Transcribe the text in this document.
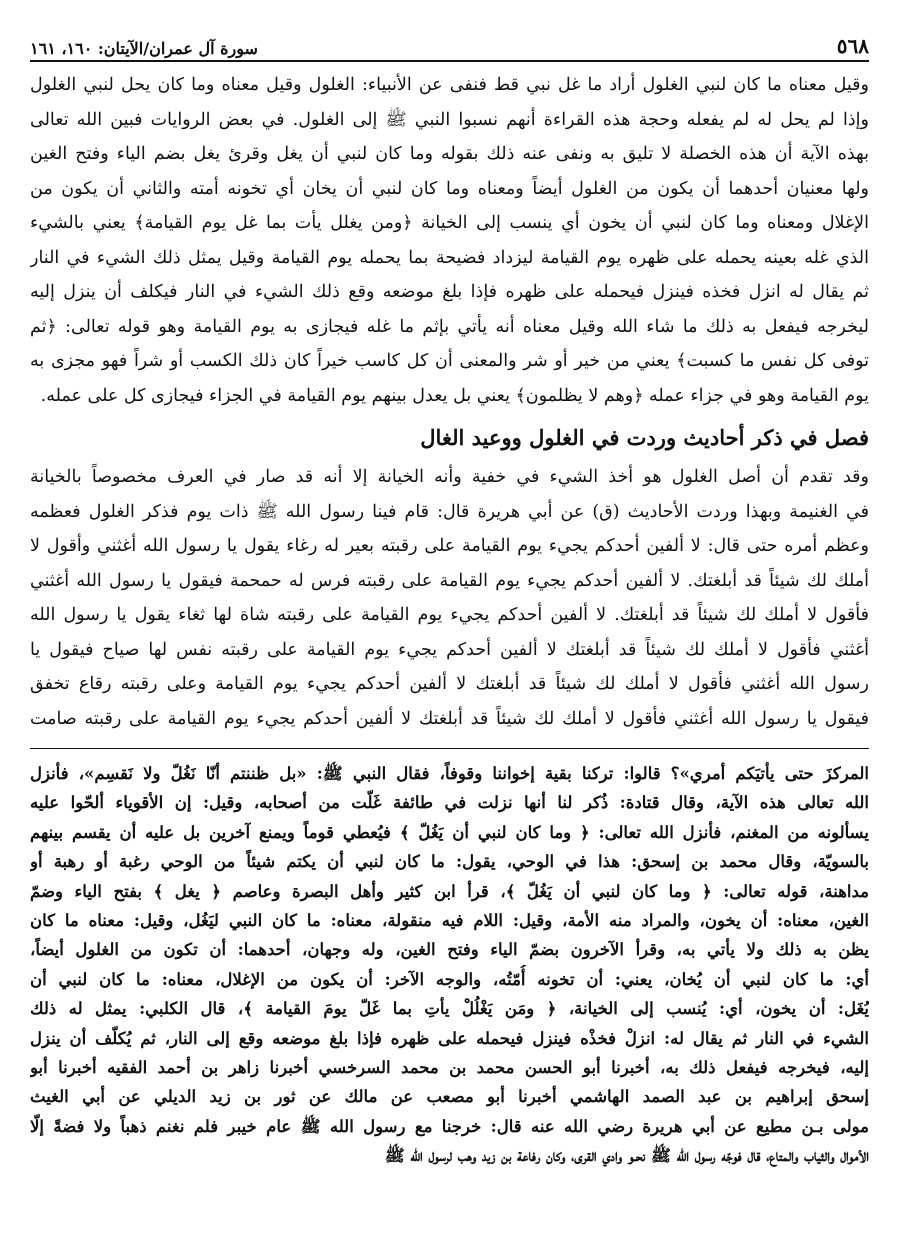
سورة آل عمران/الآيتان: ١٦٠، ١٦١	٥٦٨
وقيل معناه ما كان لنبي الغلول أراد ما غل نبي قط فنفى عن الأنبياء: الغلول وقيل معناه وما كان يحل لنبي الغلول
وإذا لم يحل له لم يفعله وحجة هذه القراءة أنهم نسبوا النبي ﷺ إلى الغلول. في بعض الروايات فبين الله تعالى
بهذه الآية أن هذه الخصلة لا تليق به ونفى عنه ذلك بقوله وما كان لنبي أن يغل وقرئ يغل بضم الياء وفتح الغين
ولها معنيان أحدهما أن يكون من الغلول أيضاً ومعناه وما كان لنبي أن يخان أي تخونه أمته والثاني أن يكون من
الإغلال ومعناه وما كان لنبي أن يخون أي ينسب إلى الخيانة ﴿ومن يغلل يأت بما غل يوم القيامة﴾ يعني بالشيء
الذي غله بعينه يحمله على ظهره يوم القيامة ليزداد فضيحة بما يحمله يوم القيامة وقيل يمثل ذلك الشيء في النار
ثم يقال له انزل فخذه فينزل فيحمله على ظهره فإذا بلغ موضعه وقع ذلك الشيء في النار فيكلف أن ينزل إليه
ليخرجه فيفعل به ذلك ما شاء الله وقيل معناه أنه يأتي بإثم ما غله فيجازى به يوم القيامة وهو قوله تعالى: ﴿ثم
توفى كل نفس ما كسبت﴾ يعني من خير أو شر والمعنى أن كل كاسب خيراً كان ذلك الكسب أو شراً فهو مجزى به
يوم القيامة وهو في جزاء عمله ﴿وهم لا يظلمون﴾ يعني بل يعدل بينهم يوم القيامة في الجزاء فيجازى كل على عمله.
فصل في ذكر أحاديث وردت في الغلول ووعيد الغال
وقد تقدم أن أصل الغلول هو أخذ الشيء في خفية وأنه الخيانة إلا أنه قد صار في العرف مخصوصاً بالخيانة
في الغنيمة وبهذا وردت الأحاديث (ق) عن أبي هريرة قال: قام فينا رسول الله ﷺ ذات يوم فذكر الغلول فعظمه
وعظم أمره حتى قال: لا ألفين أحدكم يجيء يوم القيامة على رقبته بعير له رغاء يقول يا رسول الله أغثني وأقول لا
أملك لك شيئاً قد أبلغتك. لا ألفين أحدكم يجيء يوم القيامة على رقبته فرس له حمحمة فيقول يا رسول الله أغثني
فأقول لا أملك لك شيئاً قد أبلغتك. لا ألفين أحدكم يجيء يوم القيامة على رقبته شاة لها ثغاء يقول يا رسول الله
أغثني فأقول لا أملك لك شيئاً قد أبلغتك لا ألفين أحدكم يجيء يوم القيامة على رقبته نفس لها صياح فيقول يا
رسول الله أغثني فأقول لا أملك لك شيئاً قد أبلغتك لا ألفين أحدكم يجيء يوم القيامة وعلى رقبته رقاع تخفق
فيقول يا رسول الله أغثني فأقول لا أملك لك شيئاً قد أبلغتك لا ألفين أحدكم يجيء يوم القيامة على رقبته صامت
المركزَ حتى يأتيَكم أمري»؟ قالوا: تركنا بقية إخواننا وقوفاً، فقال النبي ﷺ: «بل ظننتم أنّا نَغُلّ ولا نَقسِم»، فأنزل
الله تعالى هذه الآية، وقال قتادة: ذُكر لنا أنها نزلت في طائفة غَلّت من أصحابه، وقيل: إن الأقوياء ألحّوا عليه
يسألونه من المغنم، فأنزل الله تعالى: ﴿ وما كان لنبي أن يَغُلّ ﴾ فيُعطي قوماً ويمنع آخرين بل عليه أن يقسم بينهم
بالسويّة، وقال محمد بن إسحق: هذا في الوحي، يقول: ما كان لنبي أن يكتم شيئاً من الوحي رغبة أو رهبة أو
مداهنة، قوله تعالى: ﴿ وما كان لنبي أن يَغُلّ ﴾، قرأ ابن كثير وأهل البصرة وعاصم ﴿ يغل ﴾ بفتح الياء وضمّ
الغين، معناه: أن يخون، والمراد منه الأمة، وقيل: اللام فيه منقولة، معناه: ما كان النبي ليَغُل، وقيل: معناه ما كان
يظن به ذلك ولا يأتي به، وقرأ الآخرون بضمّ الياء وفتح الغين، وله وجهان، أحدهما: أن تكون من الغلول أيضاً،
أي: ما كان لنبي أن يُخان، يعني: أن تخونه أُمّتُه، والوجه الآخر: أن يكون من الإغلال، معناه: ما كان لنبي أن
يُغَل: أن يخون، أي: يُنسب إلى الخيانة، ﴿ ومَن يَغْلُلْ يأتِ بما غَلّ يومَ القيامة ﴾، قال الكلبي: يمثل له ذلك
الشيء في النار ثم يقال له: انزلْ فخذْه فينزل فيحمله على ظهره فإذا بلغ موضعه وقع إلى النار، ثم يُكلّف أن ينزل
إليه، فيخرجه فيفعل ذلك به، أخبرنا أبو الحسن محمد بن محمد السرخسي أخبرنا زاهر بن أحمد الفقيه أخبرنا أبو
إسحق إبراهيم بن عبد الصمد الهاشمي أخبرنا أبو مصعب عن مالك عن ثور بن زيد الديلي عن أبي الغيث
مولى بـن مطيع عن أبي هريرة رضي الله عنه قال: خرجنا مع رسول الله ﷺ عام خيبر فلم نغنم ذهباً ولا فضةً إلّا
الأموال والثياب والمتاع، قال فوجّه رسول الله ﷺ نحـو وادي القرى، وكان رفاعة بن زيد وهب لرسول الله ﷺ
